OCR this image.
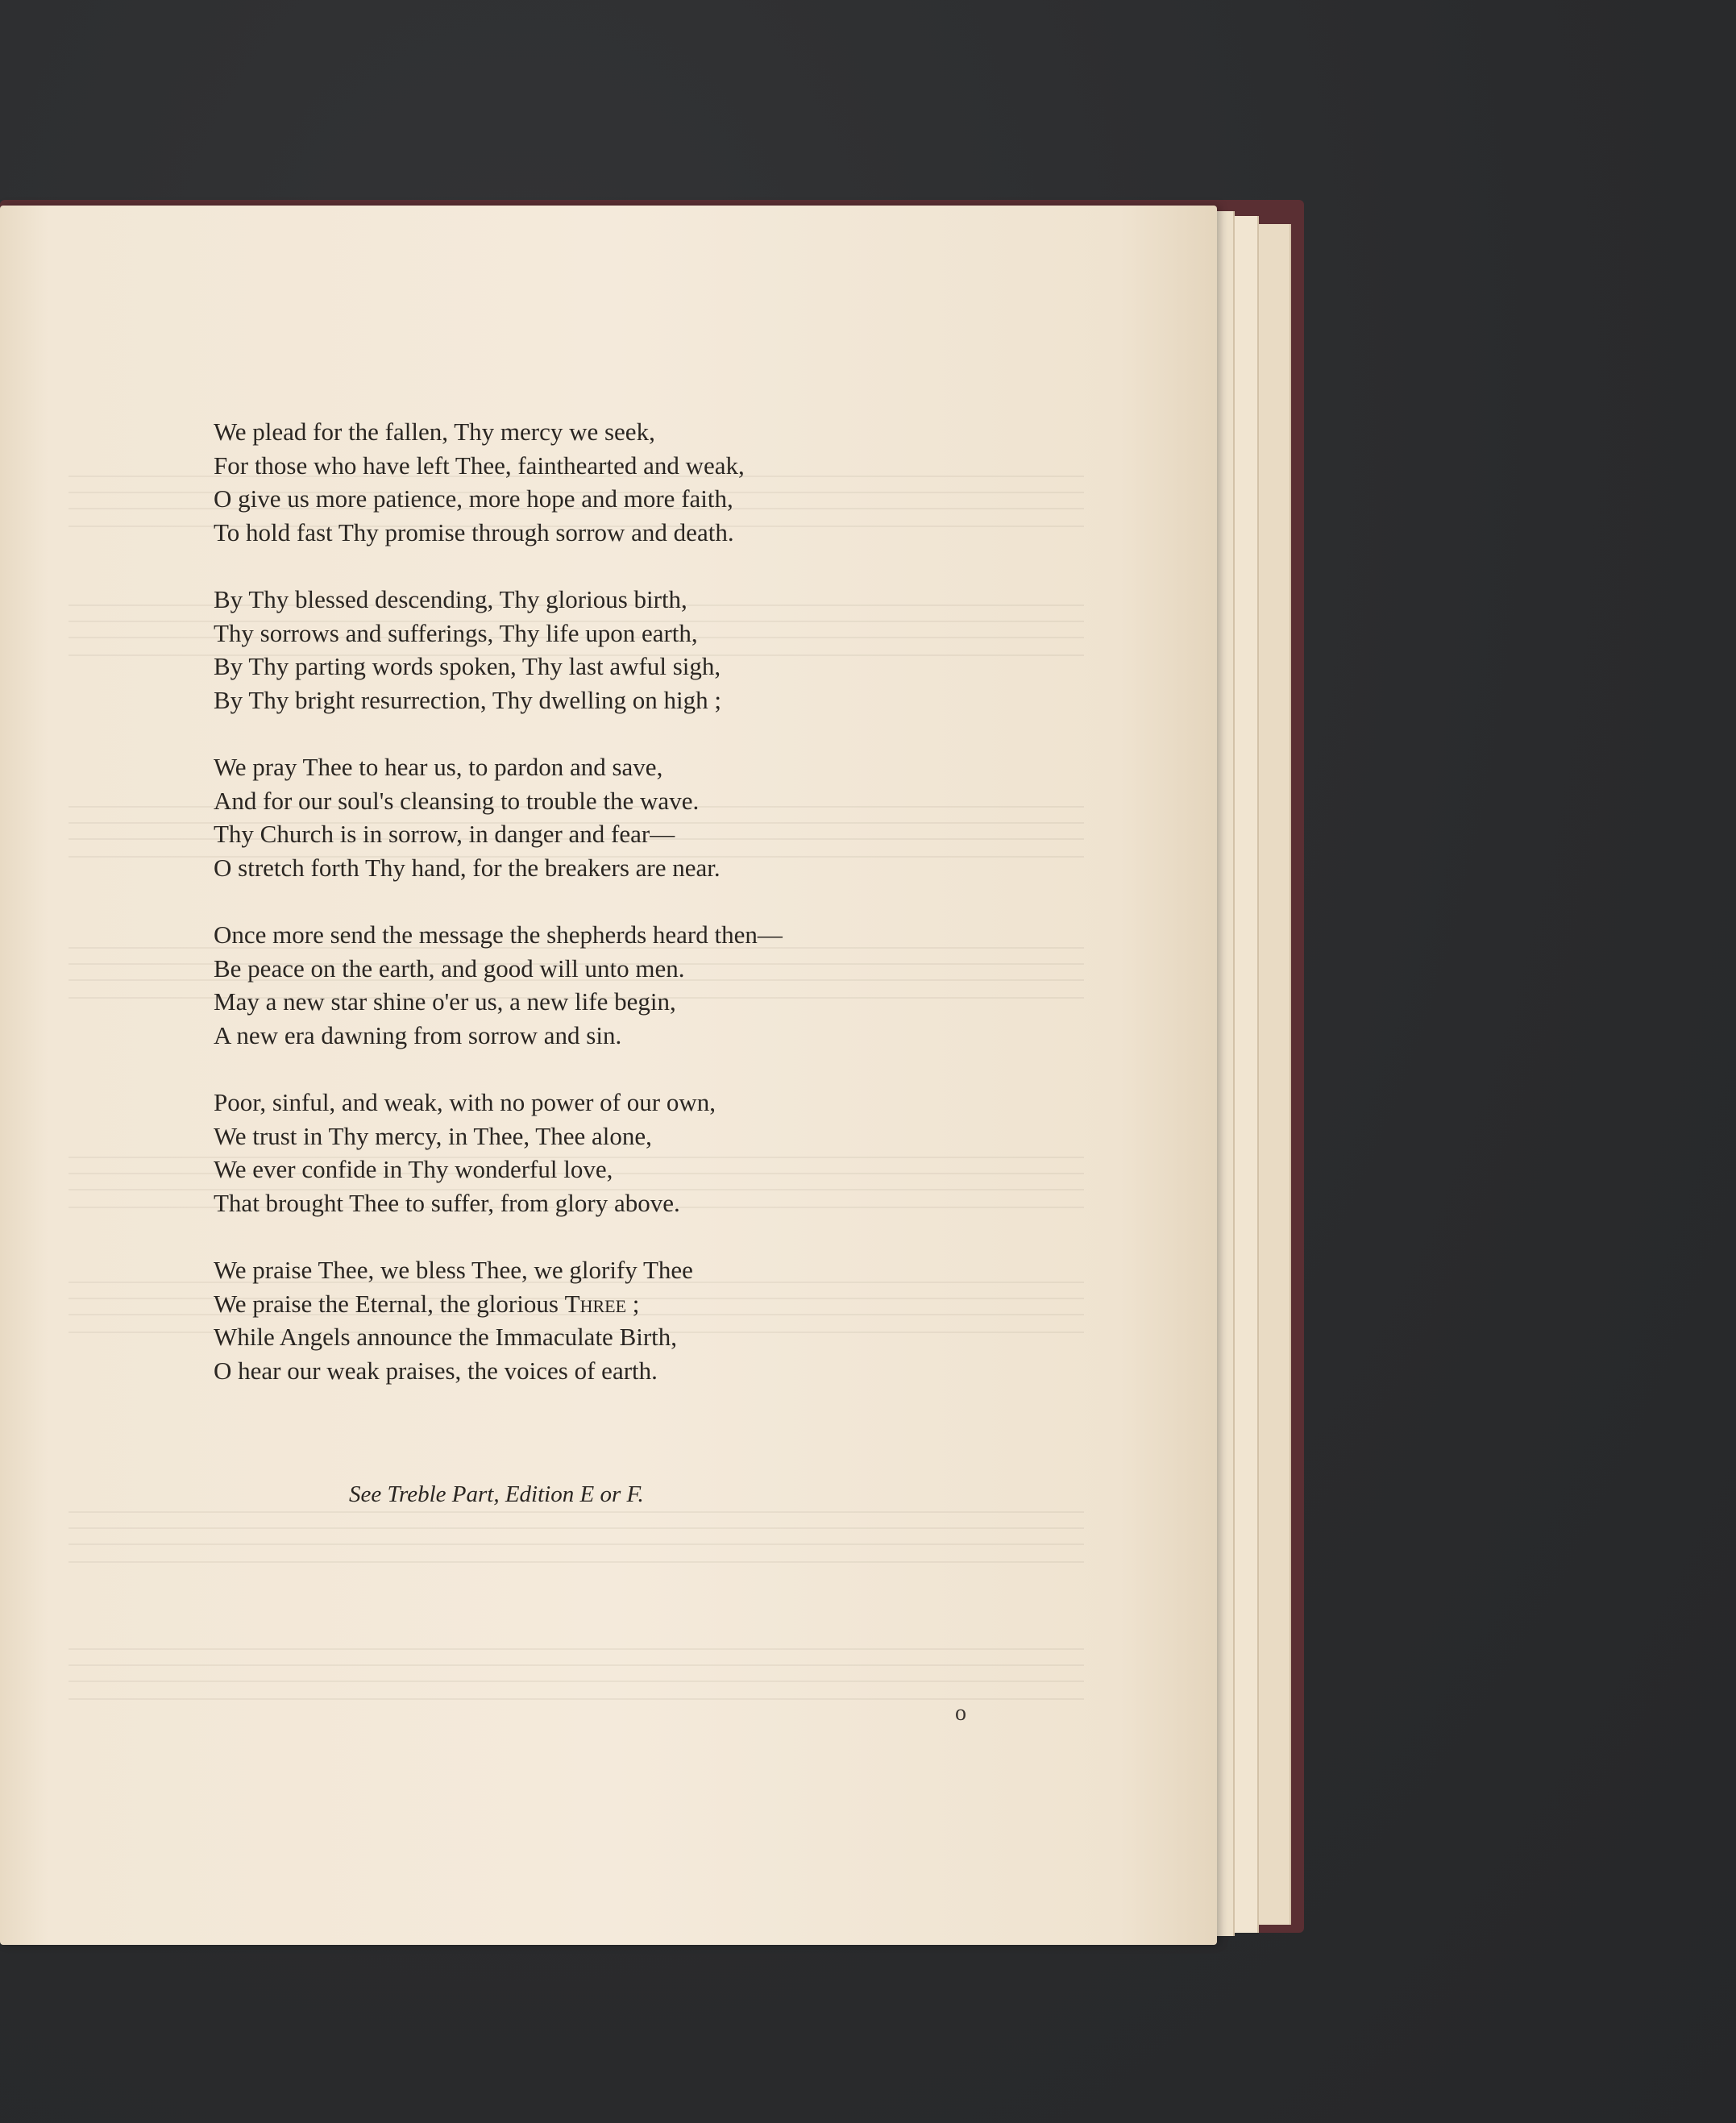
We plead for the fallen, Thy mercy we seek,
For those who have left Thee, fainthearted and weak,
O give us more patience, more hope and more faith,
To hold fast Thy promise through sorrow and death.
By Thy blessed descending, Thy glorious birth,
Thy sorrows and sufferings, Thy life upon earth,
By Thy parting words spoken, Thy last awful sigh,
By Thy bright resurrection, Thy dwelling on high ;
We pray Thee to hear us, to pardon and save,
And for our soul's cleansing to trouble the wave.
Thy Church is in sorrow, in danger and fear—
O stretch forth Thy hand, for the breakers are near.
Once more send the message the shepherds heard then—
Be peace on the earth, and good will unto men.
May a new star shine o'er us, a new life begin,
A new era dawning from sorrow and sin.
Poor, sinful, and weak, with no power of our own,
We trust in Thy mercy, in Thee, Thee alone,
We ever confide in Thy wonderful love,
That brought Thee to suffer, from glory above.
We praise Thee, we bless Thee, we glorify Thee
We praise the Eternal, the glorious Three ;
While Angels announce the Immaculate Birth,
O hear our weak praises, the voices of earth.
See Treble Part, Edition E or F.
o
